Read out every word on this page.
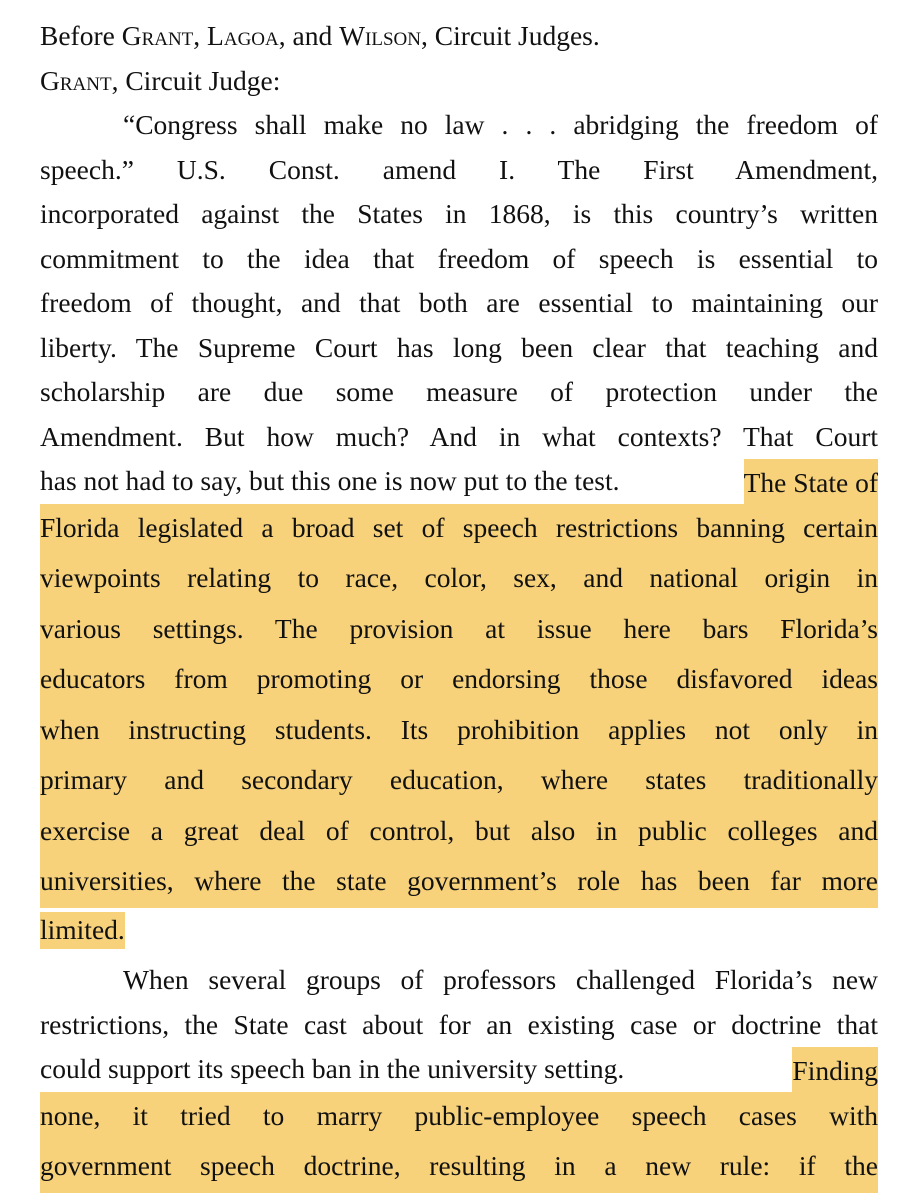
Before Grant, Lagoa, and Wilson, Circuit Judges.
Grant, Circuit Judge:
“Congress shall make no law . . . abridging the freedom of
speech.” U.S. Const. amend I. The First Amendment,
incorporated against the States in 1868, is this country’s written
commitment to the idea that freedom of speech is essential to
freedom of thought, and that both are essential to maintaining our
liberty. The Supreme Court has long been clear that teaching and
scholarship are due some measure of protection under the
Amendment. But how much? And in what contexts? That Court
has not had to say, but this one is now put to the test.	The State of
Florida legislated a broad set of speech restrictions banning certain
viewpoints relating to race, color, sex, and national origin in
various settings. The provision at issue here bars Florida’s
educators from promoting or endorsing those disfavored ideas
when instructing students. Its prohibition applies not only in
primary and secondary education, where states traditionally
exercise a great deal of control, but also in public colleges and
universities, where the state government’s role has been far more
limited.
When several groups of professors challenged Florida’s new
restrictions, the State cast about for an existing case or doctrine that
could support its speech ban in the university setting.	Finding
none, it tried to marry public-employee speech cases with
government speech doctrine, resulting in a new rule: if the
